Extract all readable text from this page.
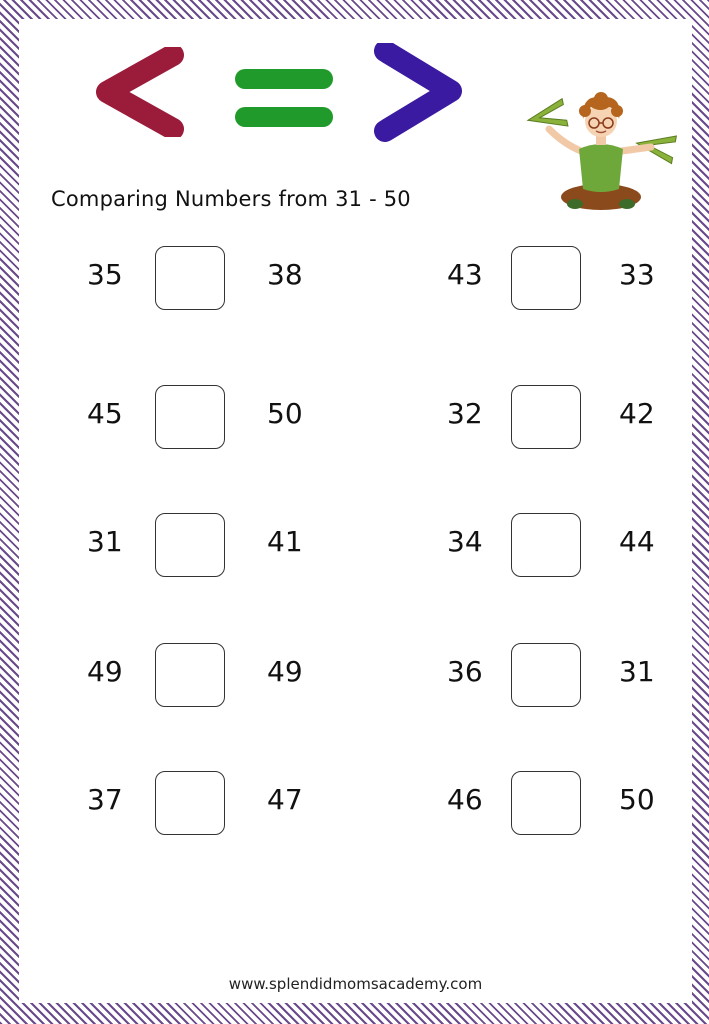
Comparing Numbers from 31 - 50
35	38
45	50
31	41
49	49
37	47
43	33
32	42
34	44
36	31
46	50
www.splendidmomsacademy.com
